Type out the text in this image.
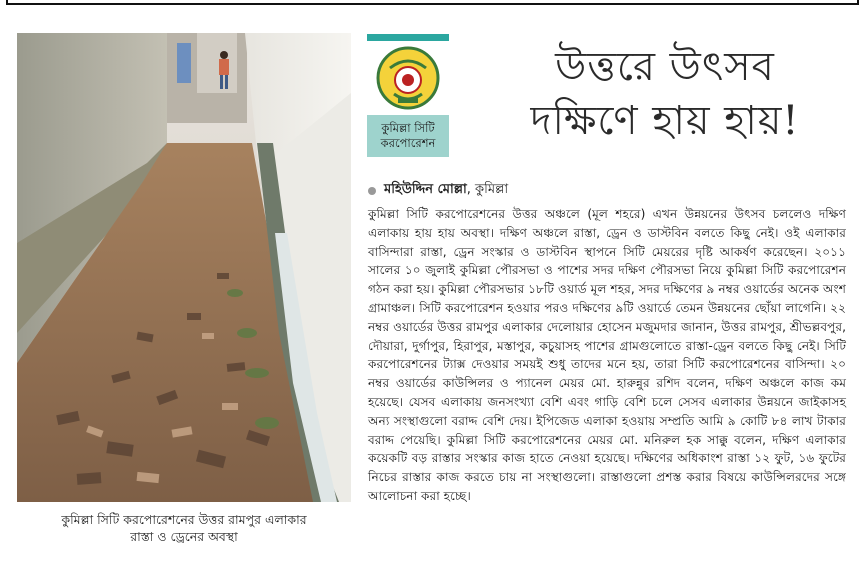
কুমিল্লা সিটি করপোরেশনের উত্তর রামপুর এলাকার
রাস্তা ও ড্রেনের অবস্থা
কুমিল্লা সিটি
করপোরেশন
উত্তরে উৎসব
দক্ষিণে হায় হায়!
মহিউদ্দিন মোল্লা , কুমিল্লা
কুমিল্লা সিটি করপোরেশনের উত্তর অঞ্চলে (মূল শহরে) এখন উন্নয়নের উৎসব চললেও দক্ষিণ এলাকায় হায় হায় অবস্থা। দক্ষিণ অঞ্চলে রাস্তা, ড্রেন ও ডাস্টবিন বলতে কিছু নেই। ওই এলাকার বাসিন্দারা রাস্তা, ড্রেন সংস্কার ও ডাস্টবিন স্থাপনে সিটি মেয়রের দৃষ্টি আকর্ষণ করেছেন। ২০১১ সালের ১০ জুলাই কুমিল্লা পৌরসভা ও পাশের সদর দক্ষিণ পৌরসভা নিয়ে কুমিল্লা সিটি করপোরেশন গঠন করা হয়। কুমিল্লা পৌরসভার ১৮টি ওয়ার্ড মূল শহর, সদর দক্ষিণের ৯ নম্বর ওয়ার্ডের অনেক অংশ গ্রামাঞ্চল। সিটি করপোরেশন হওয়ার পরও দক্ষিণের ৯টি ওয়ার্ডে তেমন উন্নয়নের ছোঁয়া লাগেনি। ২২ নম্বর ওয়ার্ডের উত্তর রামপুর এলাকার দেলোয়ার হোসেন মজুমদার জানান, উত্তর রামপুর, শ্রীভল্লবপুর, দৌয়ারা, দুর্গাপুর, হিরাপুর, মস্তাপুর, কচুয়াসহ পাশের গ্রামগুলোতে রাস্তা-ড্রেন বলতে কিছু নেই। সিটি করপোরেশনের ট্যাক্স দেওয়ার সময়ই শুধু তাদের মনে হয়, তারা সিটি করপোরেশনের বাসিন্দা। ২০ নম্বর ওয়ার্ডের কাউন্সিলর ও প্যানেল মেয়র মো. হারুন্নুর রশিদ বলেন, দক্ষিণ অঞ্চলে কাজ কম হয়েছে। যেসব এলাকায় জনসংখ্যা বেশি এবং গাড়ি বেশি চলে সেসব এলাকার উন্নয়নে জাইকাসহ অন্য সংস্থাগুলো বরাদ্দ বেশি দেয়। ইপিজেড এলাকা হওয়ায় সম্প্রতি আমি ৯ কোটি ৮৪ লাখ টাকার বরাদ্দ পেয়েছি। কুমিল্লা সিটি করপোরেশনের মেয়র মো. মনিরুল হক সাক্কু বলেন, দক্ষিণ এলাকার কয়েকটি বড় রাস্তার সংস্কার কাজ হাতে নেওয়া হয়েছে। দক্ষিণের অধিকাংশ রাস্তা ১২ ফুট, ১৬ ফুটের নিচের রাস্তার কাজ করতে চায় না সংস্থাগুলো। রাস্তাগুলো প্রশস্ত করার বিষয়ে কাউন্সিলরদের সঙ্গে আলোচনা করা হচ্ছে।
